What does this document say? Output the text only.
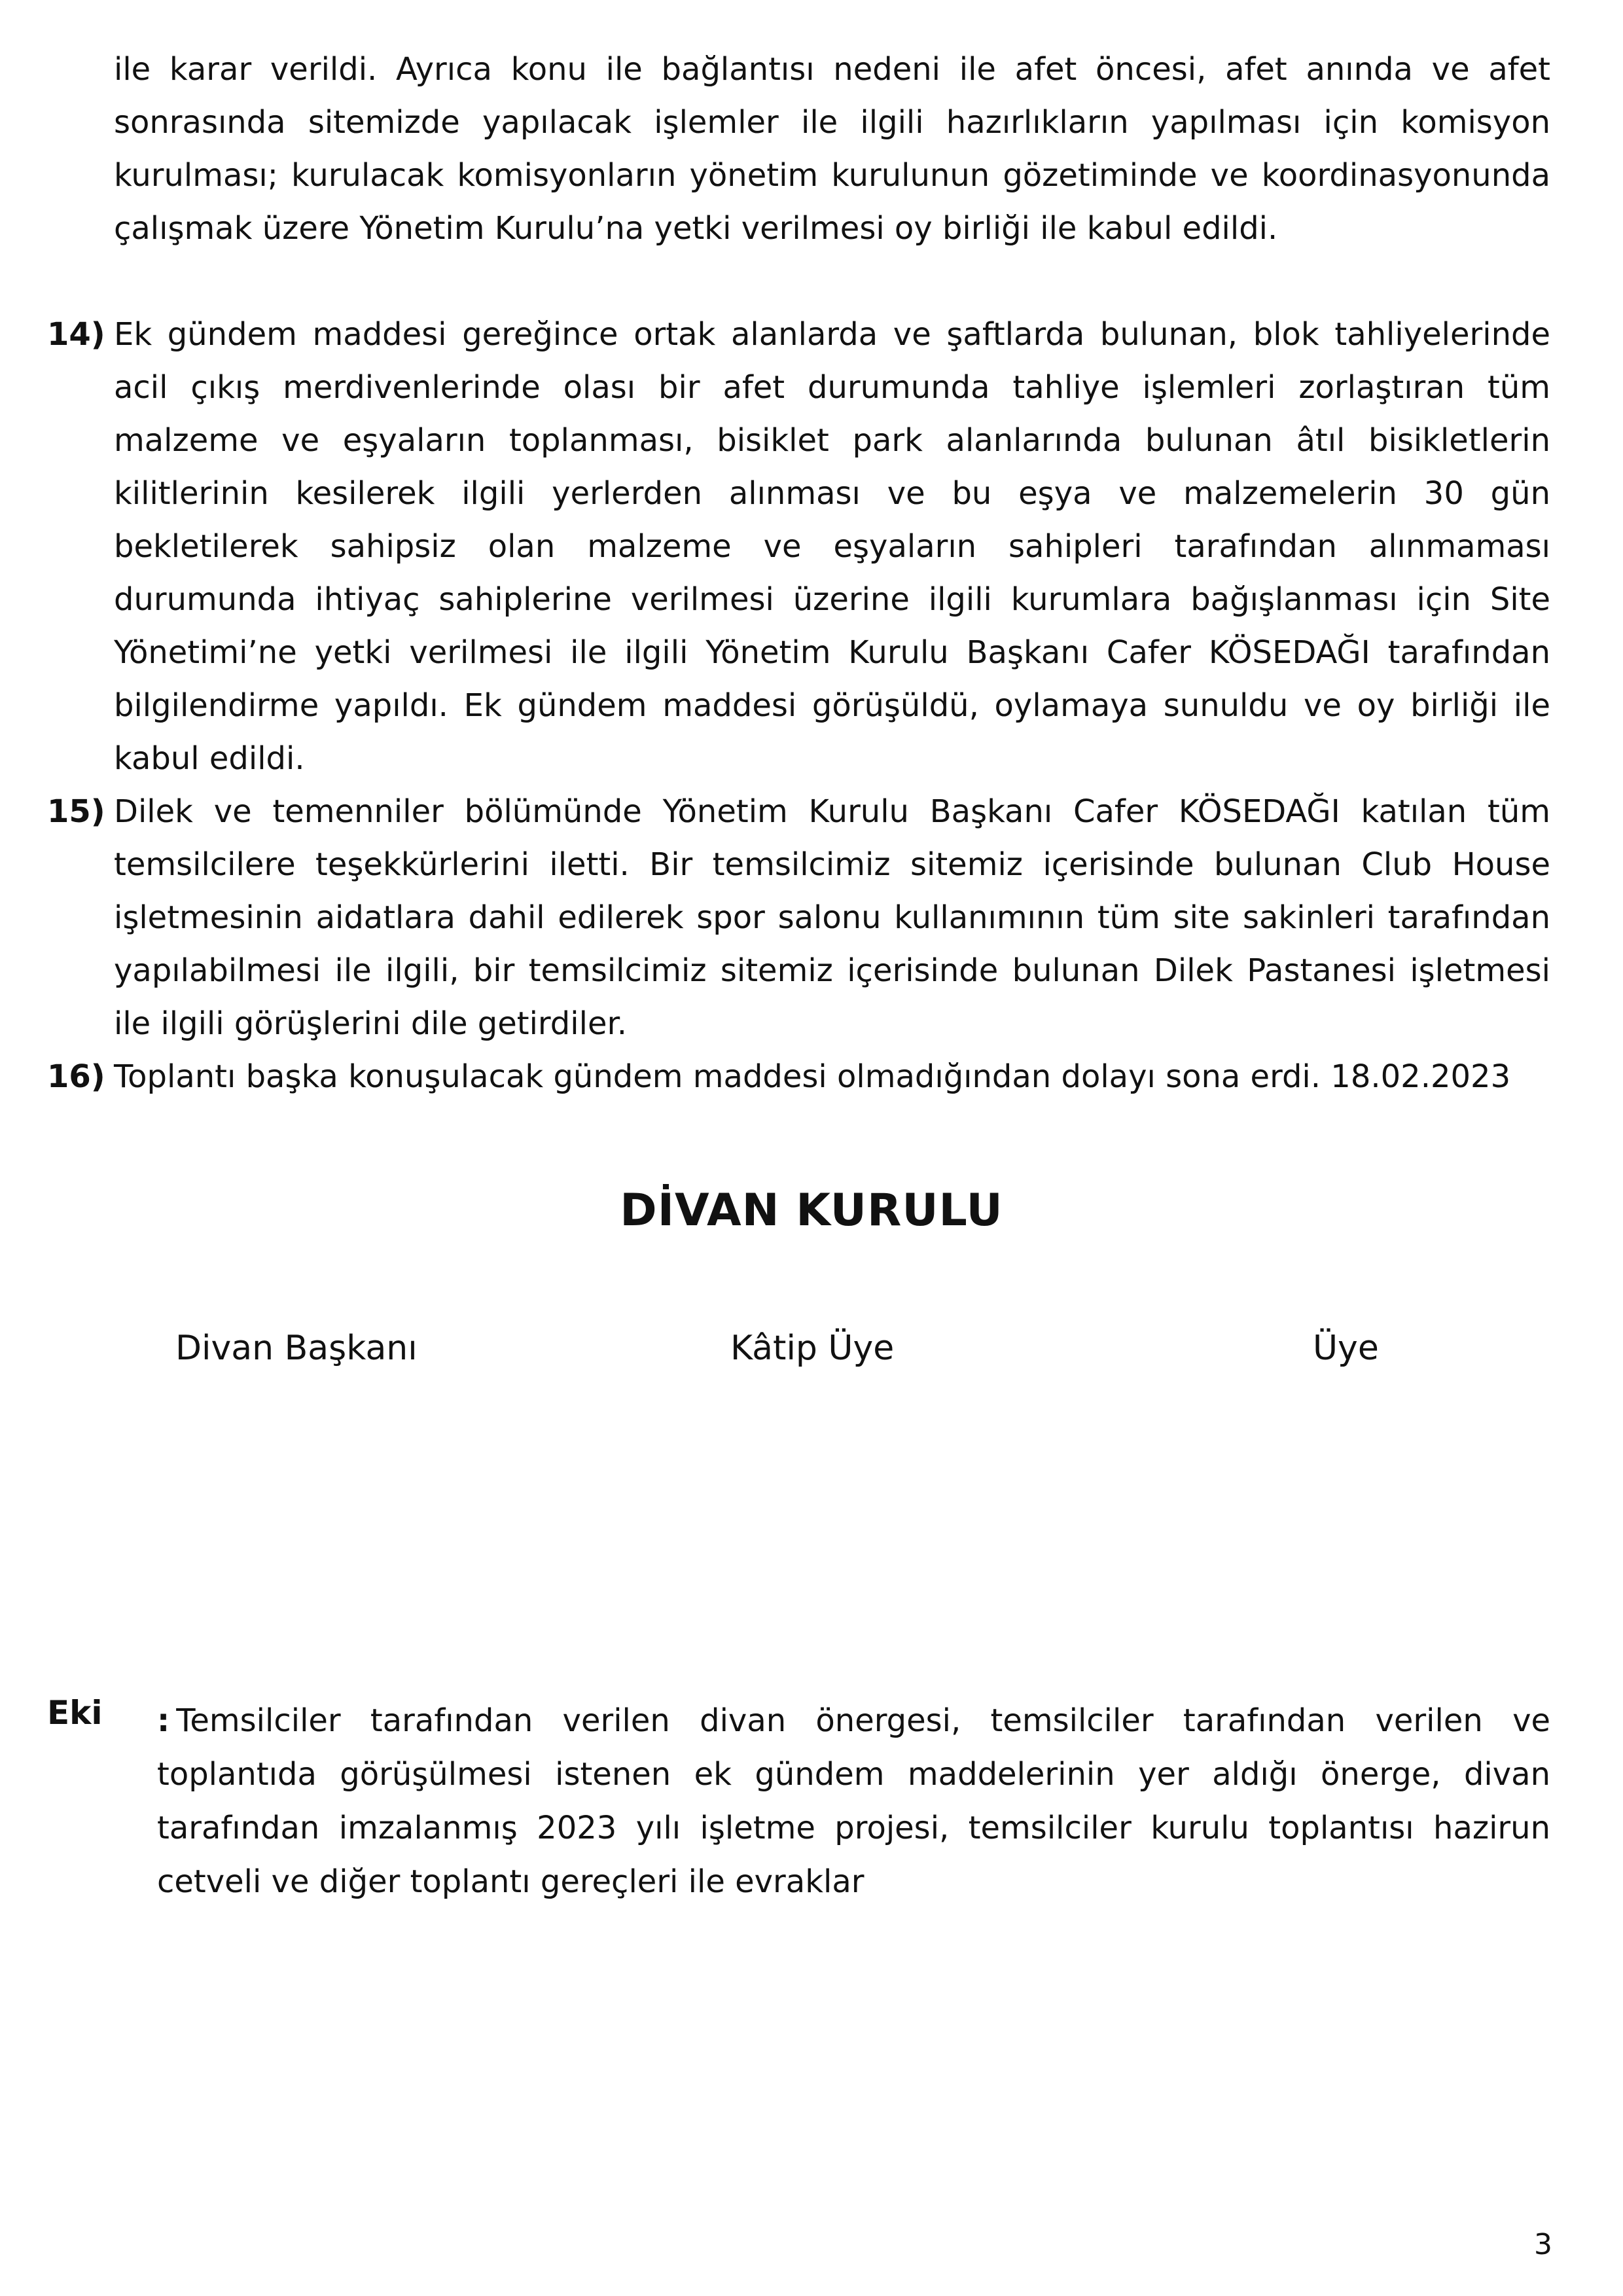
ile karar verildi. Ayrıca konu ile bağlantısı nedeni ile afet öncesi, afet anında ve afet sonrasında sitemizde yapılacak işlemler ile ilgili hazırlıkların yapılması için komisyon kurulması; kurulacak komisyonların yönetim kurulunun gözetiminde ve koordinasyonunda çalışmak üzere Yönetim Kurulu’na yetki verilmesi oy birliği ile kabul edildi.

14) Ek gündem maddesi gereğince ortak alanlarda ve şaftlarda bulunan, blok tahliyelerinde acil çıkış merdivenlerinde olası bir afet durumunda tahliye işlemleri zorlaştıran tüm malzeme ve eşyaların toplanması, bisiklet park alanlarında bulunan âtıl bisikletlerin kilitlerinin kesilerek ilgili yerlerden alınması ve bu eşya ve malzemelerin 30 gün bekletilerek sahipsiz olan malzeme ve eşyaların sahipleri tarafından alınmaması durumunda ihtiyaç sahiplerine verilmesi üzerine ilgili kurumlara bağışlanması için Site Yönetimi’ne yetki verilmesi ile ilgili Yönetim Kurulu Başkanı Cafer KÖSEDAĞI tarafından bilgilendirme yapıldı. Ek gündem maddesi görüşüldü, oylamaya sunuldu ve oy birliği ile kabul edildi.
15) Dilek ve temenniler bölümünde Yönetim Kurulu Başkanı Cafer KÖSEDAĞI katılan tüm temsilcilere teşekkürlerini iletti. Bir temsilcimiz sitemiz içerisinde bulunan Club House işletmesinin aidatlara dahil edilerek spor salonu kullanımının tüm site sakinleri tarafından yapılabilmesi ile ilgili, bir temsilcimiz sitemiz içerisinde bulunan Dilek Pastanesi işletmesi ile ilgili görüşlerini dile getirdiler.
16) Toplantı başka konuşulacak gündem maddesi olmadığından dolayı sona erdi. 18.02.2023
DİVAN KURULU
Divan Başkanı	Kâtip Üye	Üye
Eki : Temsilciler tarafından verilen divan önergesi, temsilciler tarafından verilen ve toplantıda görüşülmesi istenen ek gündem maddelerinin yer aldığı önerge, divan tarafından imzalanmış 2023 yılı işletme projesi, temsilciler kurulu toplantısı hazirun cetveli ve diğer toplantı gereçleri ile evraklar
3
